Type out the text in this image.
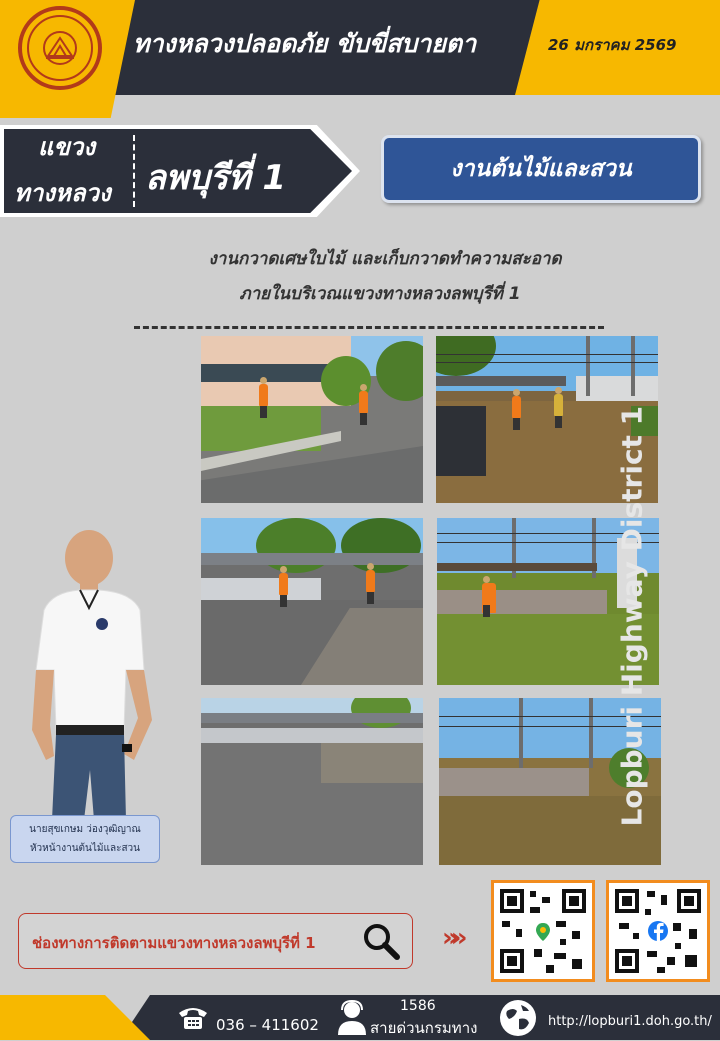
ทางหลวงปลอดภัย ขับขี่สบายตา	26 มกราคม 2569
แขวง
ทางหลวง ลพบุรีที่ 1	งานต้นไม้และสวน
งานกวาดเศษใบไม้ และเก็บกวาดทำความสะอาด
ภายในบริเวณแขวงทางหลวงลพบุรีที่ 1
นายสุขเกษม ว่องวุฒิญาณ
หัวหน้างานต้นไม้และสวน
Lopburi Highway District 1
ช่องทางการติดตามแขวงทางหลวงลพบุรีที่ 1	»»
036 – 411602
1586
สายด่วนกรมทาง	http://lopburi1.doh.go.th/
